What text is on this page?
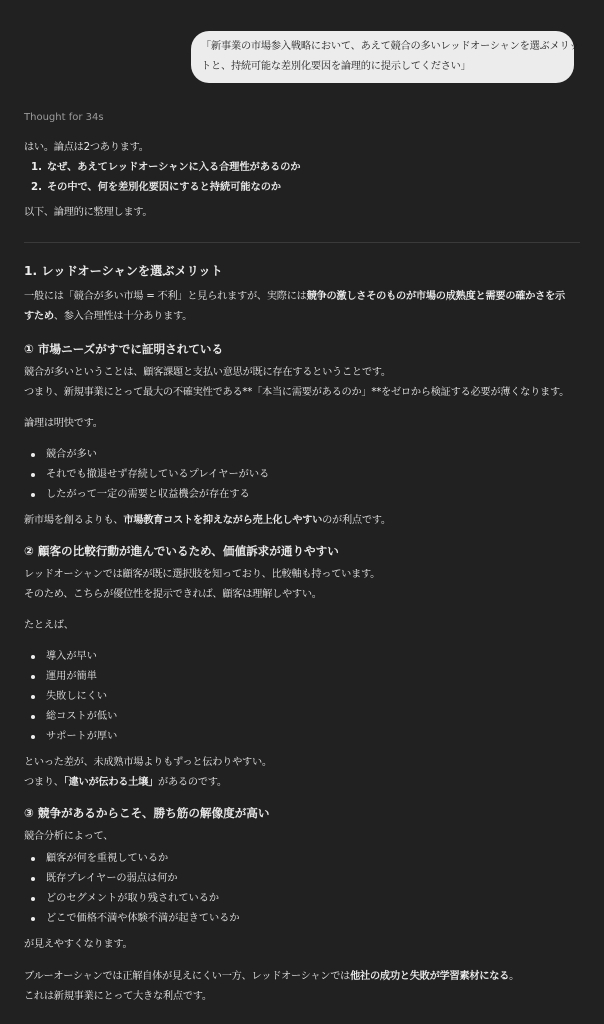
「新事業の市場参入戦略において、あえて競合の多いレッドオーシャンを選ぶメリッ
トと、持続可能な差別化要因を論理的に提示してください」
Thought for 34s
はい。論点は2つあります。
1. なぜ、あえてレッドオーシャンに入る合理性があるのか
2. その中で、何を差別化要因にすると持続可能なのか
以下、論理的に整理します。
1. レッドオーシャンを選ぶメリット
一般には「競合が多い市場 = 不利」と見られますが、実際には競争の激しさそのものが市場の成熟度と需要の確かさを示
すため、参入合理性は十分あります。
① 市場ニーズがすでに証明されている
競合が多いということは、顧客課題と支払い意思が既に存在するということです。
つまり、新規事業にとって最大の不確実性である**「本当に需要があるのか」**をゼロから検証する必要が薄くなります。
論理は明快です。
競合が多い
それでも撤退せず存続しているプレイヤーがいる
したがって一定の需要と収益機会が存在する
新市場を創るよりも、市場教育コストを抑えながら売上化しやすいのが利点です。
② 顧客の比較行動が進んでいるため、価値訴求が通りやすい
レッドオーシャンでは顧客が既に選択肢を知っており、比較軸も持っています。
そのため、こちらが優位性を提示できれば、顧客は理解しやすい。
たとえば、
導入が早い
運用が簡単
失敗しにくい
総コストが低い
サポートが厚い
といった差が、未成熟市場よりもずっと伝わりやすい。
つまり、「違いが伝わる土壌」があるのです。
③ 競争があるからこそ、勝ち筋の解像度が高い
競合分析によって、
顧客が何を重視しているか
既存プレイヤーの弱点は何か
どのセグメントが取り残されているか
どこで価格不満や体験不満が起きているか
が見えやすくなります。
ブルーオーシャンでは正解自体が見えにくい一方、レッドオーシャンでは他社の成功と失敗が学習素材になる。
これは新規事業にとって大きな利点です。
